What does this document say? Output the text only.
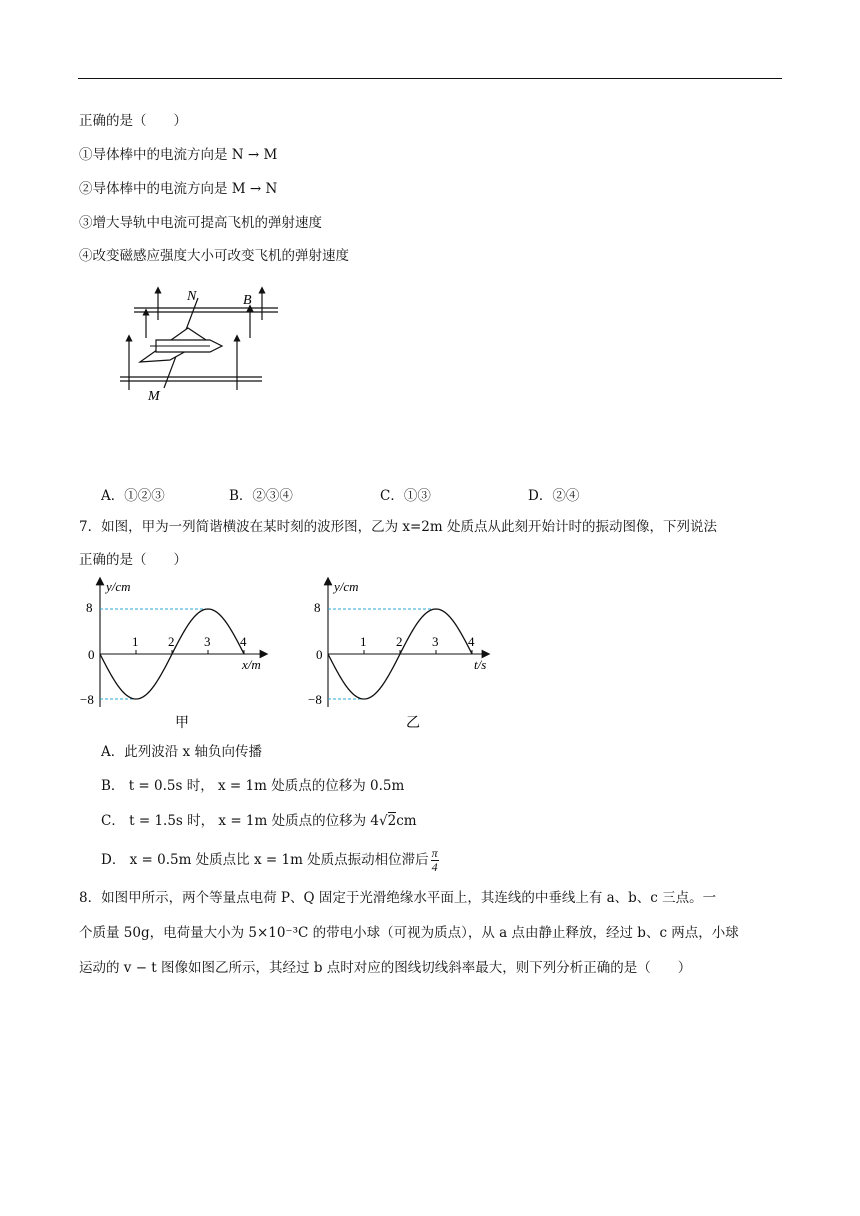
正确的是（　　）
①导体棒中的电流方向是 N → M
②导体棒中的电流方向是 M → N
③增大导轨中电流可提高飞机的弹射速度
④改变磁感应强度大小可改变飞机的弹射速度
N	B
M
A．①②③	B．②③④	C．①③	D．②④
7．如图，甲为一列简谐横波在某时刻的波形图，乙为 x=2m 处质点从此刻开始计时的振动图像，下列说法
正确的是（　　）
y/cm
x/m
8
0
−8
1 2 3 4
甲
y/cm
t/s
8
0
−8
1 2 3 4
乙
A．此列波沿 x 轴负向传播
B． t = 0.5s 时， x = 1m 处质点的位移为 0.5m
C． t = 1.5s 时， x = 1m 处质点的位移为 4√2cm
D． x = 0.5m 处质点比 x = 1m 处质点振动相位滞后 $\frac{\pi}{4}$
8．如图甲所示，两个等量点电荷 P、Q 固定于光滑绝缘水平面上，其连线的中垂线上有 a、b、c 三点。一
个质量 50g，电荷量大小为 5×10⁻³C 的带电小球（可视为质点），从 a 点由静止释放，经过 b、c 两点，小球
运动的 v − t 图像如图乙所示，其经过 b 点时对应的图线切线斜率最大，则下列分析正确的是（　　）
